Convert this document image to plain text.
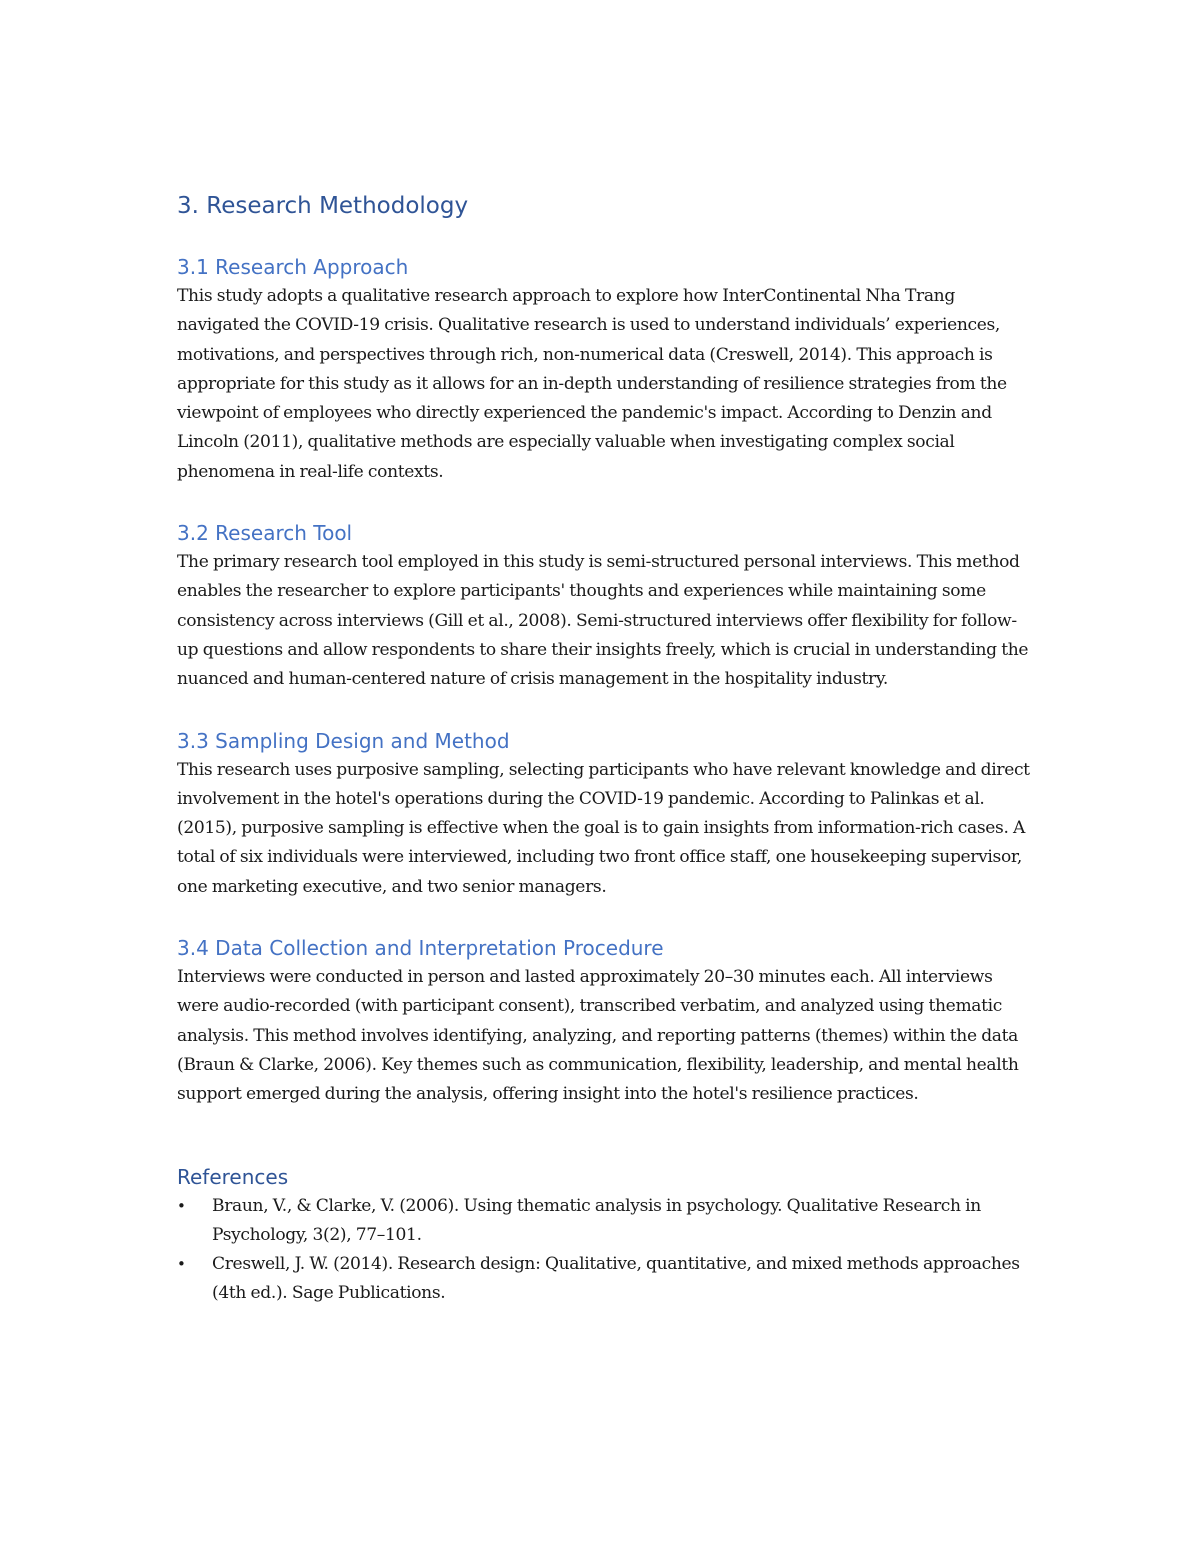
3. Research Methodology
3.1 Research Approach

This study adopts a qualitative research approach to explore how InterContinental Nha Trang navigated the COVID-19 crisis. Qualitative research is used to understand individuals’ experiences, motivations, and perspectives through rich, non-numerical data (Creswell, 2014). This approach is appropriate for this study as it allows for an in-depth understanding of resilience strategies from the viewpoint of employees who directly experienced the pandemic's impact. According to Denzin and Lincoln (2011), qualitative methods are especially valuable when investigating complex social phenomena in real-life contexts.

3.2 Research Tool

The primary research tool employed in this study is semi-structured personal interviews. This method enables the researcher to explore participants' thoughts and experiences while maintaining some consistency across interviews (Gill et al., 2008). Semi-structured interviews offer flexibility for follow-up questions and allow respondents to share their insights freely, which is crucial in understanding the nuanced and human-centered nature of crisis management in the hospitality industry.

3.3 Sampling Design and Method

This research uses purposive sampling, selecting participants who have relevant knowledge and direct involvement in the hotel's operations during the COVID-19 pandemic. According to Palinkas et al. (2015), purposive sampling is effective when the goal is to gain insights from information-rich cases. A total of six individuals were interviewed, including two front office staff, one housekeeping supervisor, one marketing executive, and two senior managers.

3.4 Data Collection and Interpretation Procedure

Interviews were conducted in person and lasted approximately 20–30 minutes each. All interviews were audio-recorded (with participant consent), transcribed verbatim, and analyzed using thematic analysis. This method involves identifying, analyzing, and reporting patterns (themes) within the data (Braun & Clarke, 2006). Key themes such as communication, flexibility, leadership, and mental health support emerged during the analysis, offering insight into the hotel's resilience practices.

References
• Braun, V., & Clarke, V. (2006). Using thematic analysis in psychology. Qualitative Research in Psychology, 3(2), 77–101.
• Creswell, J. W. (2014). Research design: Qualitative, quantitative, and mixed methods approaches (4th ed.). Sage Publications.
